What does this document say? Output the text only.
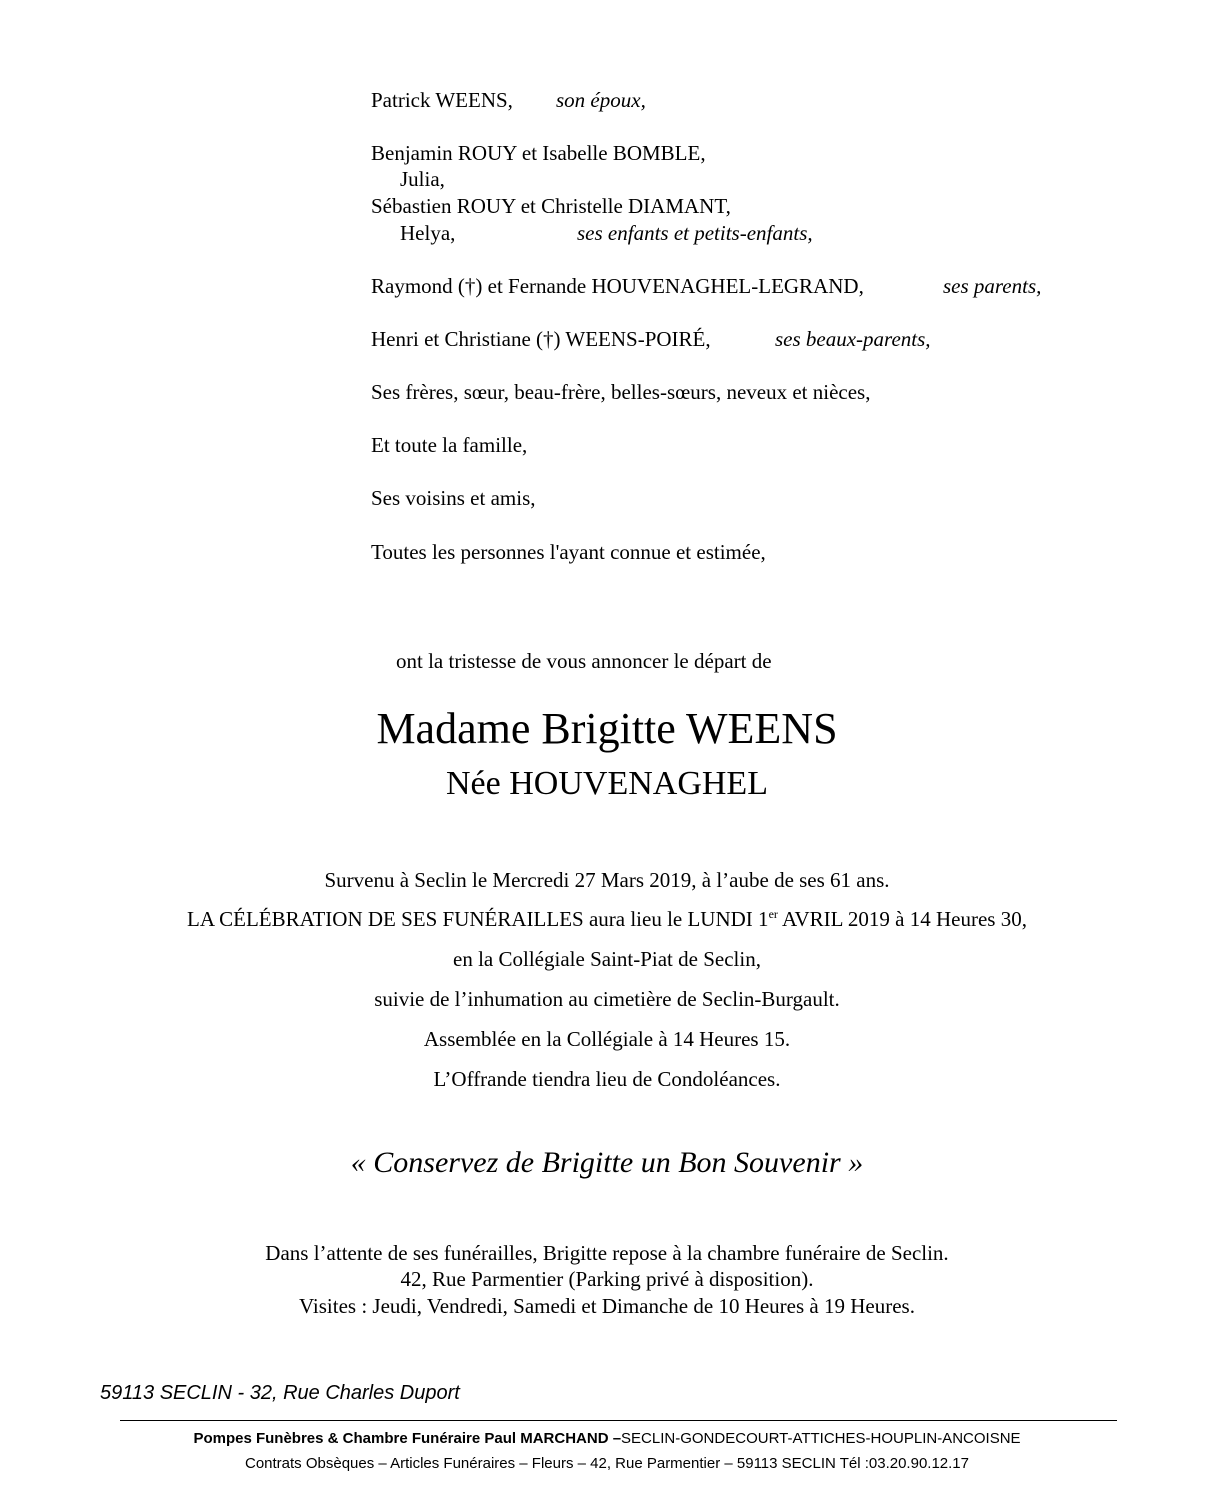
Patrick WEENS, son époux,
Benjamin ROUY et Isabelle BOMBLE,
Julia,
Sébastien ROUY et Christelle DIAMANT,
Helya,	ses enfants et petits-enfants,
Raymond (†) et Fernande HOUVENAGHEL-LEGRAND,	ses parents,
Henri et Christiane (†) WEENS-POIRÉ,	ses beaux-parents,
Ses frères, sœur, beau-frère, belles-sœurs, neveux et nièces,
Et toute la famille,
Ses voisins et amis,
Toutes les personnes l'ayant connue et estimée,
ont la tristesse de vous annoncer le départ de
Madame Brigitte WEENS
Née HOUVENAGHEL
Survenu à Seclin le Mercredi 27 Mars 2019, à l’aube de ses 61 ans.
LA CÉLÉBRATION DE SES FUNÉRAILLES aura lieu le LUNDI 1er AVRIL 2019 à 14 Heures 30,
en la Collégiale Saint-Piat de Seclin,
suivie de l’inhumation au cimetière de Seclin-Burgault.
Assemblée en la Collégiale à 14 Heures 15.
L’Offrande tiendra lieu de Condoléances.
« Conservez de Brigitte un Bon Souvenir »
Dans l’attente de ses funérailles, Brigitte repose à la chambre funéraire de Seclin.
42, Rue Parmentier (Parking privé à disposition).
Visites : Jeudi, Vendredi, Samedi et Dimanche de 10 Heures à 19 Heures.
59113 SECLIN - 32, Rue Charles Duport
Pompes Funèbres & Chambre Funéraire Paul MARCHAND –SECLIN-GONDECOURT-ATTICHES-HOUPLIN-ANCOISNE
Contrats Obsèques – Articles Funéraires – Fleurs – 42, Rue Parmentier – 59113 SECLIN Tél :03.20.90.12.17
